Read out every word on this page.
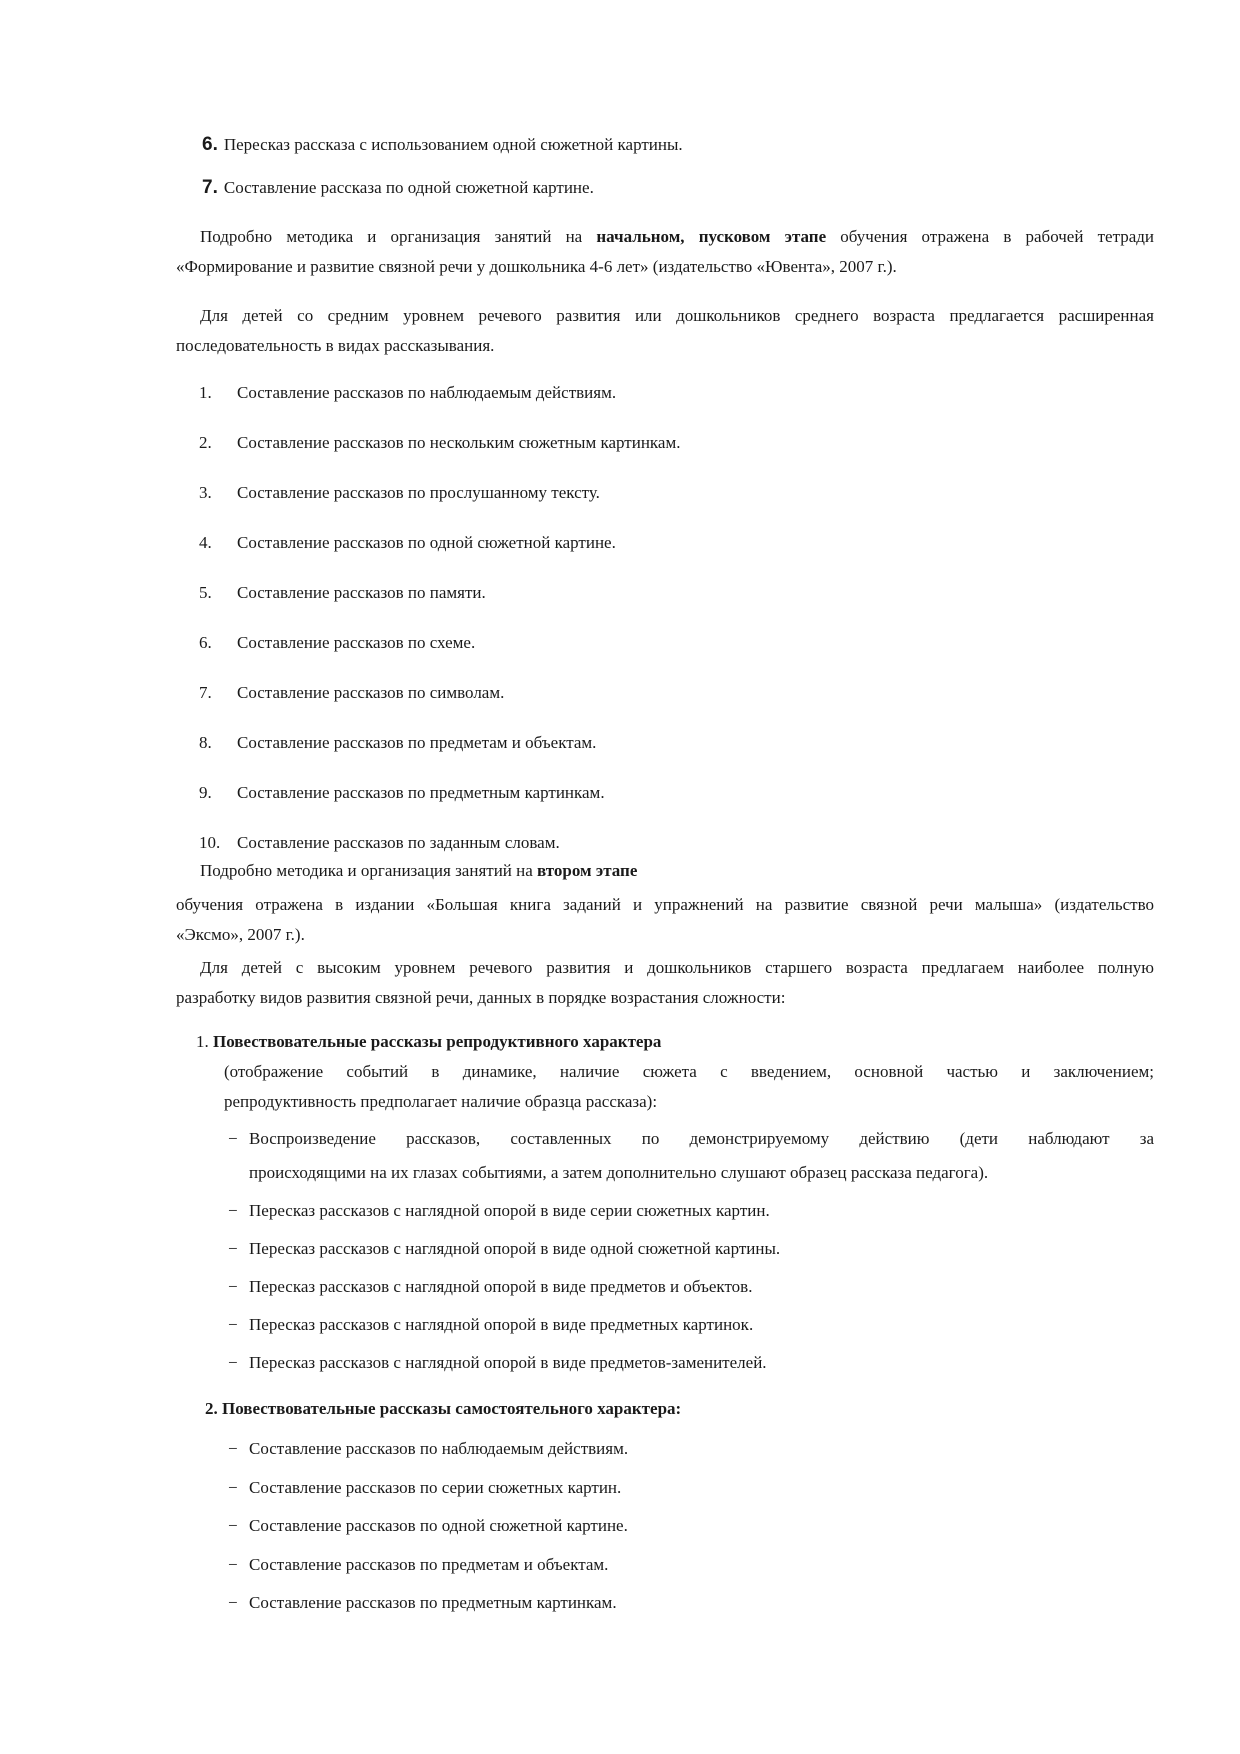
6. Пересказ рассказа с использованием одной сюжетной картины.
7. Составление рассказа по одной сюжетной картине.
Подробно методика и организация занятий на начальном, пусковом этапе обучения отражена в рабочей тетради
«Формирование и развитие связной речи у дошкольника 4-6 лет» (издательство «Ювента», 2007 г.).
Для детей со средним уровнем речевого развития или дошкольников среднего возраста предлагается расширенная
последовательность в видах рассказывания.
1. Составление рассказов по наблюдаемым действиям.
2. Составление рассказов по нескольким сюжетным картинкам.
3. Составление рассказов по прослушанному тексту.
4. Составление рассказов по одной сюжетной картине.
5. Составление рассказов по памяти.
6. Составление рассказов по схеме.
7. Составление рассказов по символам.
8. Составление рассказов по предметам и объектам.
9. Составление рассказов по предметным картинкам.
10. Составление рассказов по заданным словам.
Подробно методика и организация занятий на втором этапе
обучения отражена в издании «Большая книга заданий и упражнений на развитие связной речи малыша» (издательство
«Эксмо», 2007 г.).
Для детей с высоким уровнем речевого развития и дошкольников старшего возраста предлагаем наиболее полную
разработку видов развития связной речи, данных в порядке возрастания сложности:
1. Повествовательные рассказы репродуктивного характера
(отображение событий в динамике, наличие сюжета с введением, основной частью и заключением;
репродуктивность предполагает наличие образца рассказа):
− Воспроизведение рассказов, составленных по демонстрируемому действию (дети наблюдают за
происходящими на их глазах событиями, а затем дополнительно слушают образец рассказа педагога).
− Пересказ рассказов с наглядной опорой в виде серии сюжетных картин.
− Пересказ рассказов с наглядной опорой в виде одной сюжетной картины.
− Пересказ рассказов с наглядной опорой в виде предметов и объектов.
− Пересказ рассказов с наглядной опорой в виде предметных картинок.
− Пересказ рассказов с наглядной опорой в виде предметов-заменителей.
2. Повествовательные рассказы самостоятельного характера:
− Составление рассказов по наблюдаемым действиям.
− Составление рассказов по серии сюжетных картин.
− Составление рассказов по одной сюжетной картине.
− Составление рассказов по предметам и объектам.
− Составление рассказов по предметным картинкам.
